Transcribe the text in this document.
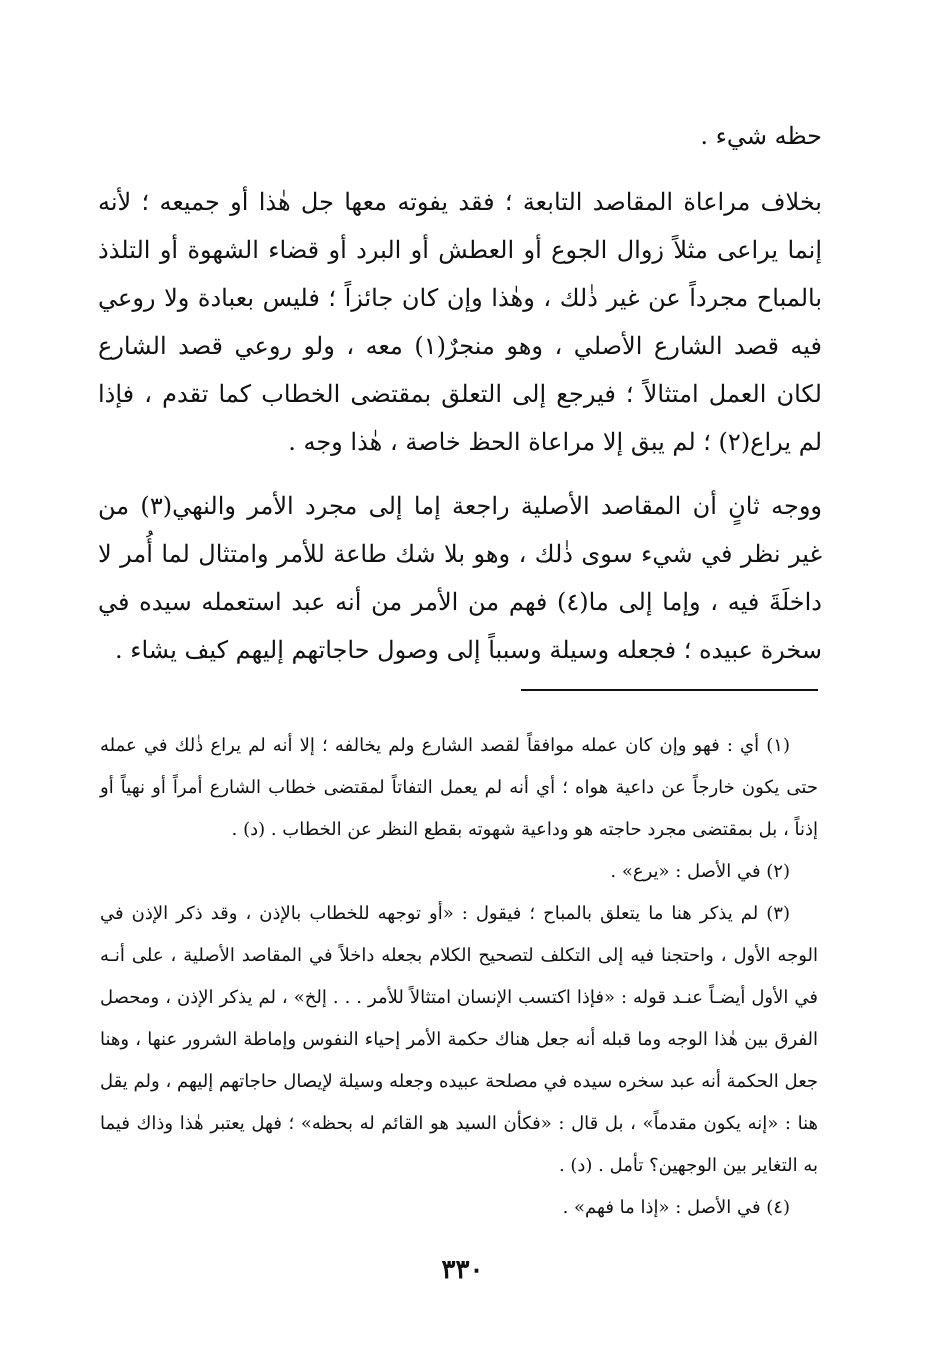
حظه شيء .

بخلاف مراعاة المقاصد التابعة ؛ فقد يفوته معها جل هٰذا أو جميعه ؛ لأنه إنما يراعى مثلاً زوال الجوع أو العطش أو البرد أو قضاء الشهوة أو التلذذ بالمباح مجرداً عن غير ذٰلك ، وهٰذا وإن كان جائزاً ؛ فليس بعبادة ولا روعي فيه قصد الشارع الأصلي ، وهو منجرٌ(١) معه ، ولو روعي قصد الشارع لكان العمل امتثالاً ؛ فيرجع إلى التعلق بمقتضى الخطاب كما تقدم ، فإذا لم يراع(٢) ؛ لم يبق إلا مراعاة الحظ خاصة ، هٰذا وجه .

ووجه ثانٍ أن المقاصد الأصلية راجعة إما إلى مجرد الأمر والنهي(٣) من غير نظر في شيء سوى ذٰلك ، وهو بلا شك طاعة للأمر وامتثال لما أُمر لا داخلَةَ فيه ، وإما إلى ما(٤) فهم من الأمر من أنه عبد استعمله سيده في سخرة عبيده ؛ فجعله وسيلة وسبباً إلى وصول حاجاتهم إليهم كيف يشاء .

(١) أي : فهو وإن كان عمله موافقاً لقصد الشارع ولم يخالفه ؛ إلا أنه لم يراع ذٰلك في عمله حتى يكون خارجاً عن داعية هواه ؛ أي أنه لم يعمل التفاتاً لمقتضى خطاب الشارع أمراً أو نهياً أو إذناً ، بل بمقتضى مجرد حاجته هو وداعية شهوته بقطع النظر عن الخطاب . (د) .

(٢) في الأصل : «يرع» .

(٣) لم يذكر هنا ما يتعلق بالمباح ؛ فيقول : «أو توجهه للخطاب بالإذن ، وقد ذكر الإذن في الوجه الأول ، واحتجنا فيه إلى التكلف لتصحيح الكلام بجعله داخلاً في المقاصد الأصلية ، على أنـه في الأول أيضـاً عنـد قوله : «فإذا اكتسب الإنسان امتثالاً للأمر . . . إلخ» ، لم يذكر الإذن ، ومحصل الفرق بين هٰذا الوجه وما قبله أنه جعل هناك حكمة الأمر إحياء النفوس وإماطة الشرور عنها ، وهنا جعل الحكمة أنه عبد سخره سيده في مصلحة عبيده وجعله وسيلة لإيصال حاجاتهم إليهم ، ولم يقل هنا : «إنه يكون مقدماً» ، بل قال : «فكأن السيد هو القائم له بحظه» ؛ فهل يعتبر هٰذا وذاك فيما به التغاير بين الوجهين؟ تأمل . (د) .

(٤) في الأصل : «إذا ما فهم» .

٣٣٠
